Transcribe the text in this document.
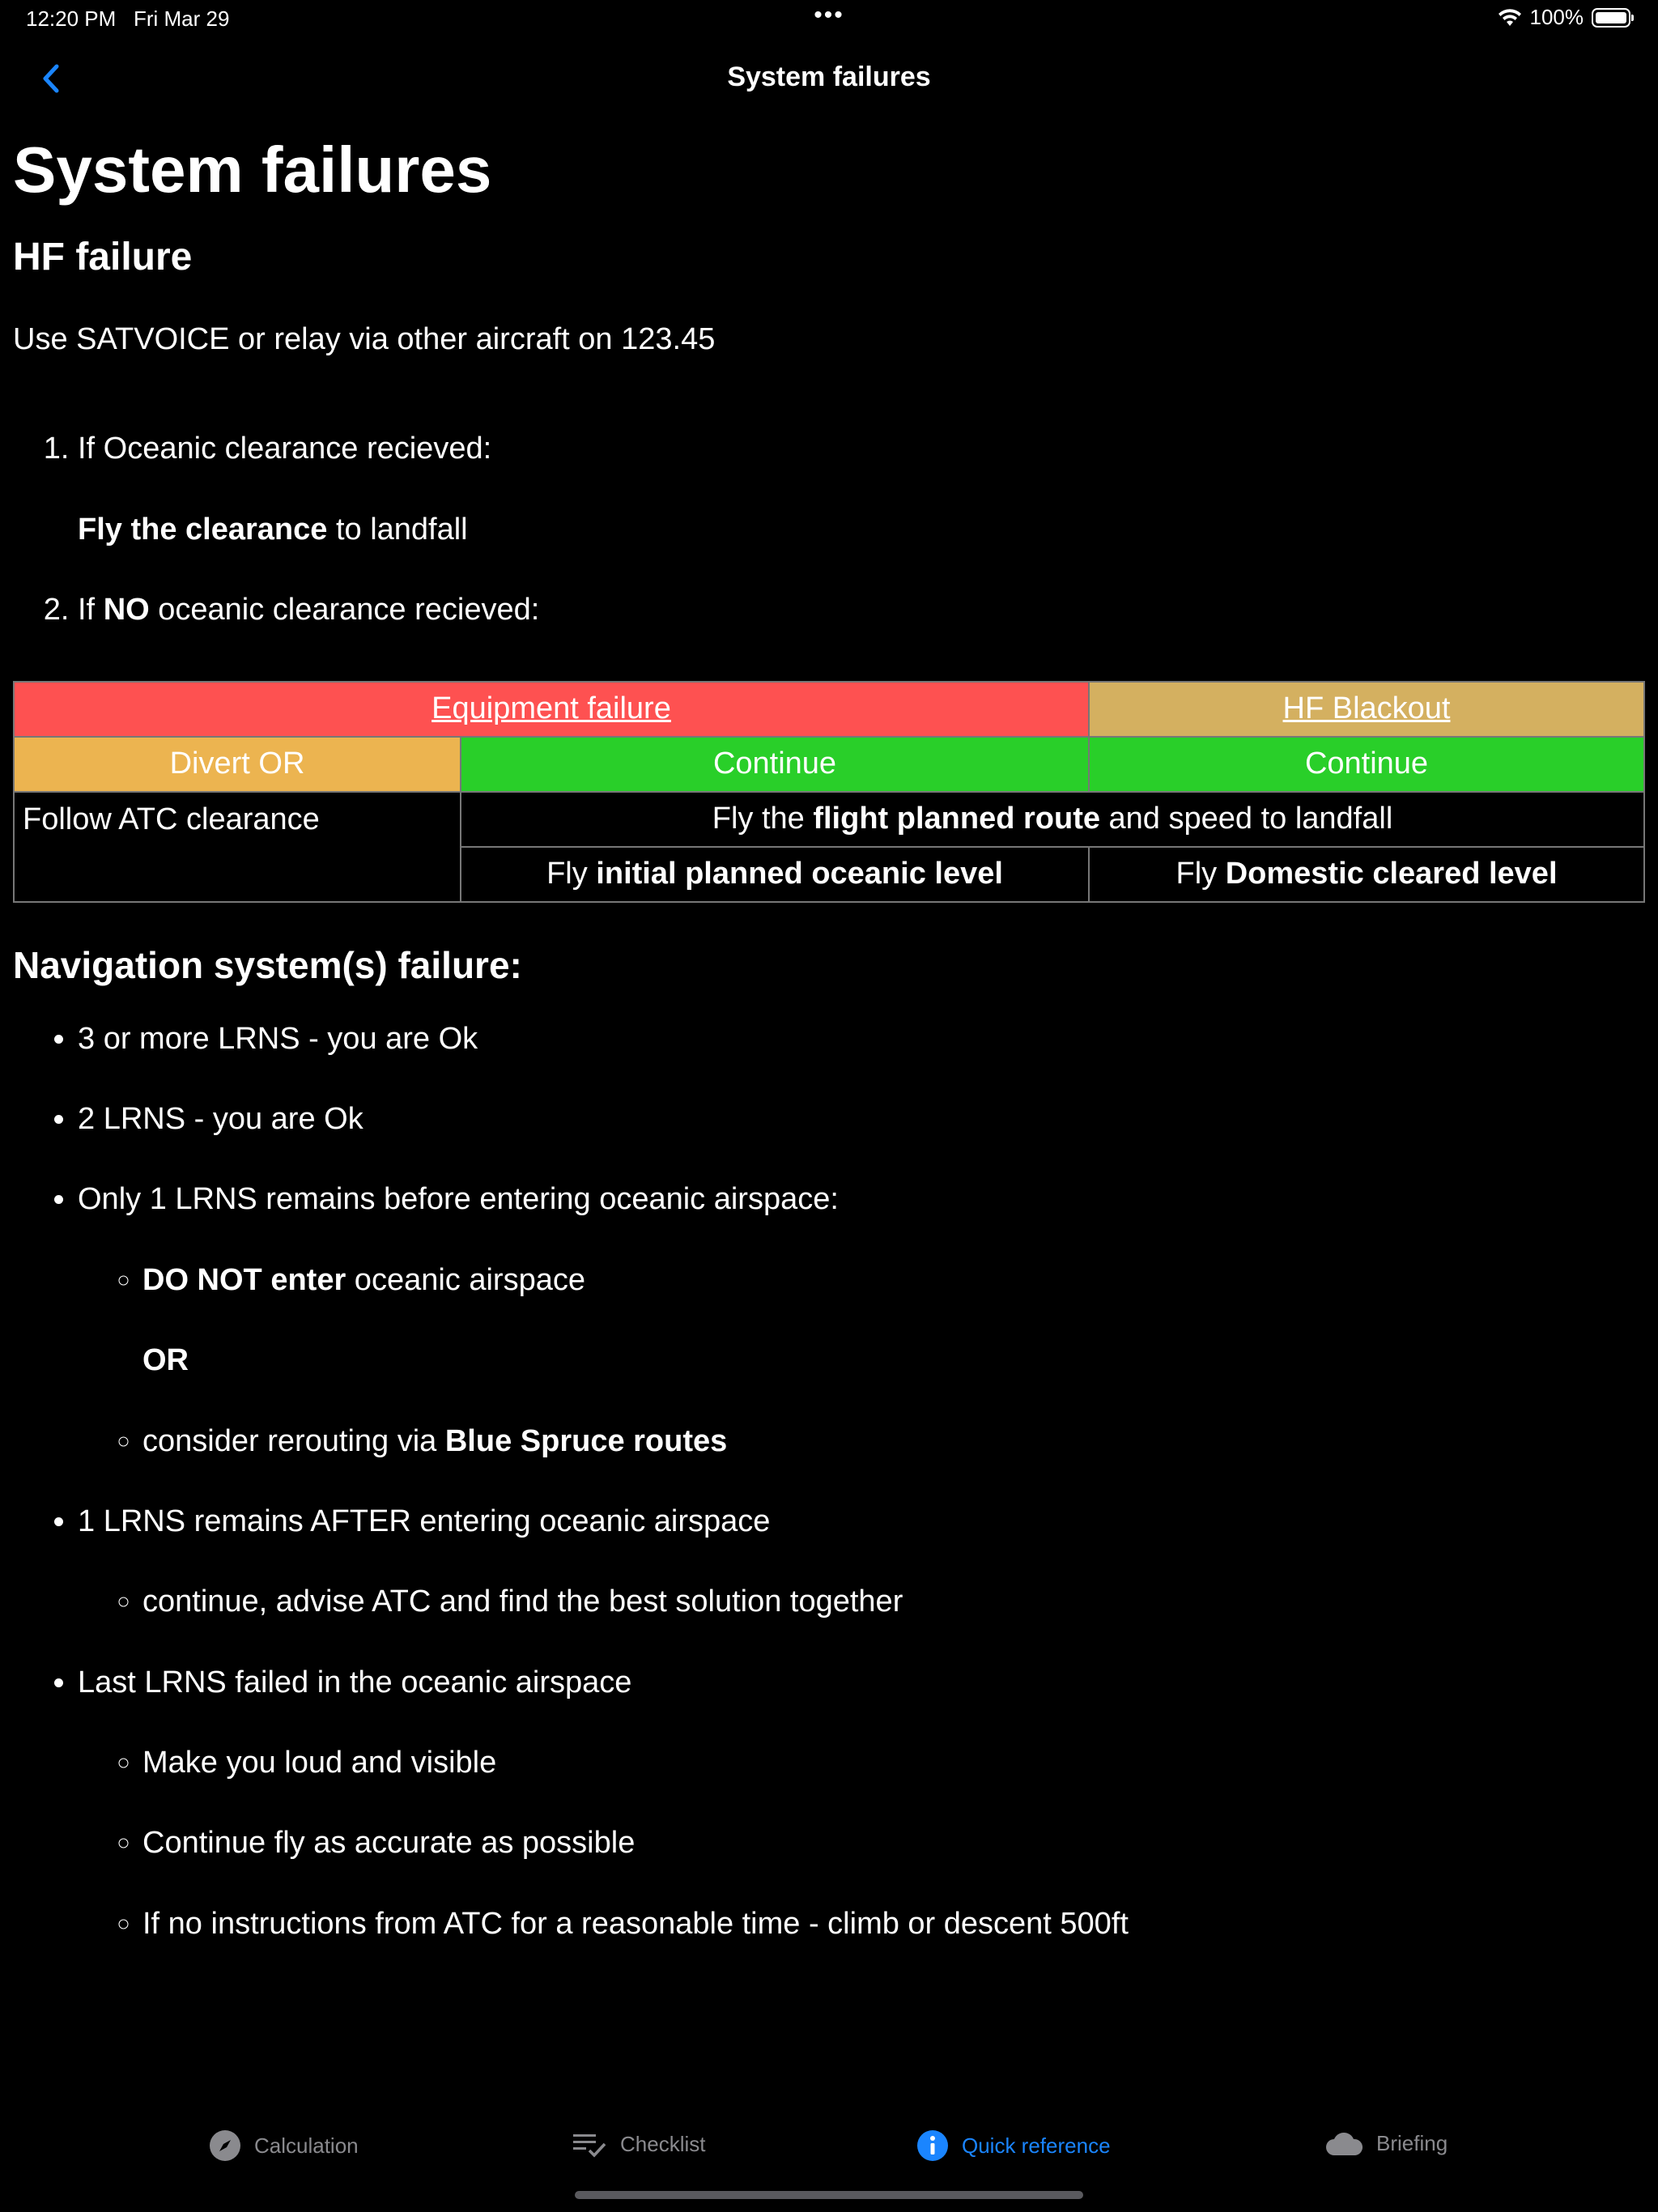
12:20 PM Fri Mar 29	•••	100%
System failures
System failures
HF failure

Use SATVOICE or relay via other aircraft on 123.45

1. If Oceanic clearance recieved:
Fly the clearance to landfall
2. If NO oceanic clearance recieved:
Equipment failure		HF Blackout
Divert OR	Continue	Continue
Follow ATC clearance	Fly the flight planned route and speed to landfall	
	Fly initial planned oceanic level	Fly Domestic cleared level
Navigation system(s) failure:
• 3 or more LRNS - you are Ok
• 2 LRNS - you are Ok
• Only 1 LRNS remains before entering oceanic airspace:
◦ DO NOT enter oceanic airspace
OR
◦ consider rerouting via Blue Spruce routes
• 1 LRNS remains AFTER entering oceanic airspace
◦ continue, advise ATC and find the best solution together
• Last LRNS failed in the oceanic airspace
◦ Make you loud and visible
◦ Continue fly as accurate as possible
◦ If no instructions from ATC for a reasonable time - climb or descent 500ft
Calculation	Checklist	Quick reference	Briefing
